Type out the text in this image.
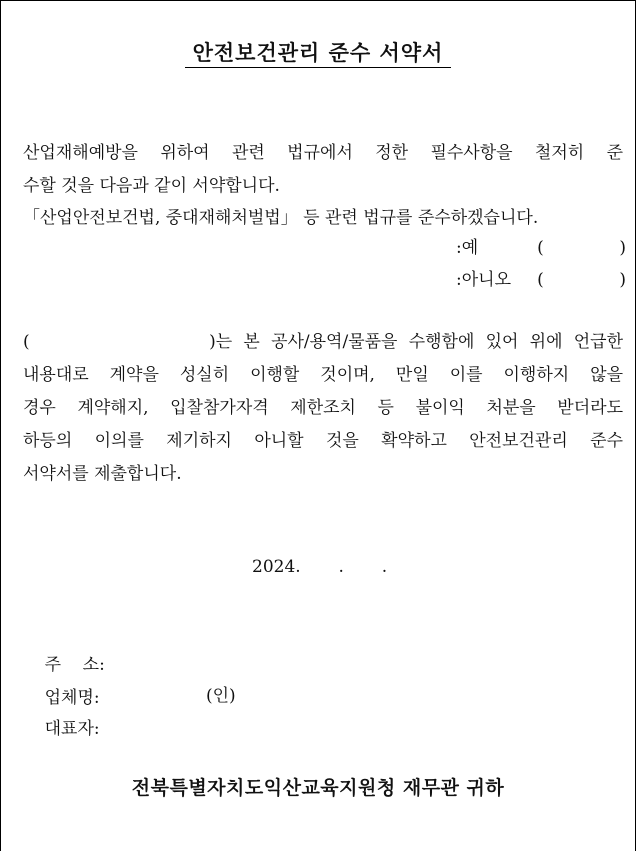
안전보건관리 준수 서약서
산업재해예방을 위하여 관련 법규에서 정한 필수사항을 철저히 준
수할 것을 다음과 같이 서약합니다.
「산업안전보건법, 중대재해처벌법」 등 관련 법규를 준수하겠습니다.
:예	(              )
:아니오 (              )
(                )는 본 공사/용역/물품을 수행함에 있어 위에 언급한
내용대로 계약을 성실히 이행할 것이며, 만일 이를 이행하지 않을
경우 계약해지, 입찰참가자격 제한조치 등 불이익 처분을 받더라도
하등의 이의를 제기하지 아니할 것을 확약하고 안전보건관리 준수
서약서를 제출합니다.
2024.       .       .

주    소:

업체명:

대표자:

(인)
전북특별자치도익산교육지원청 재무관 귀하
